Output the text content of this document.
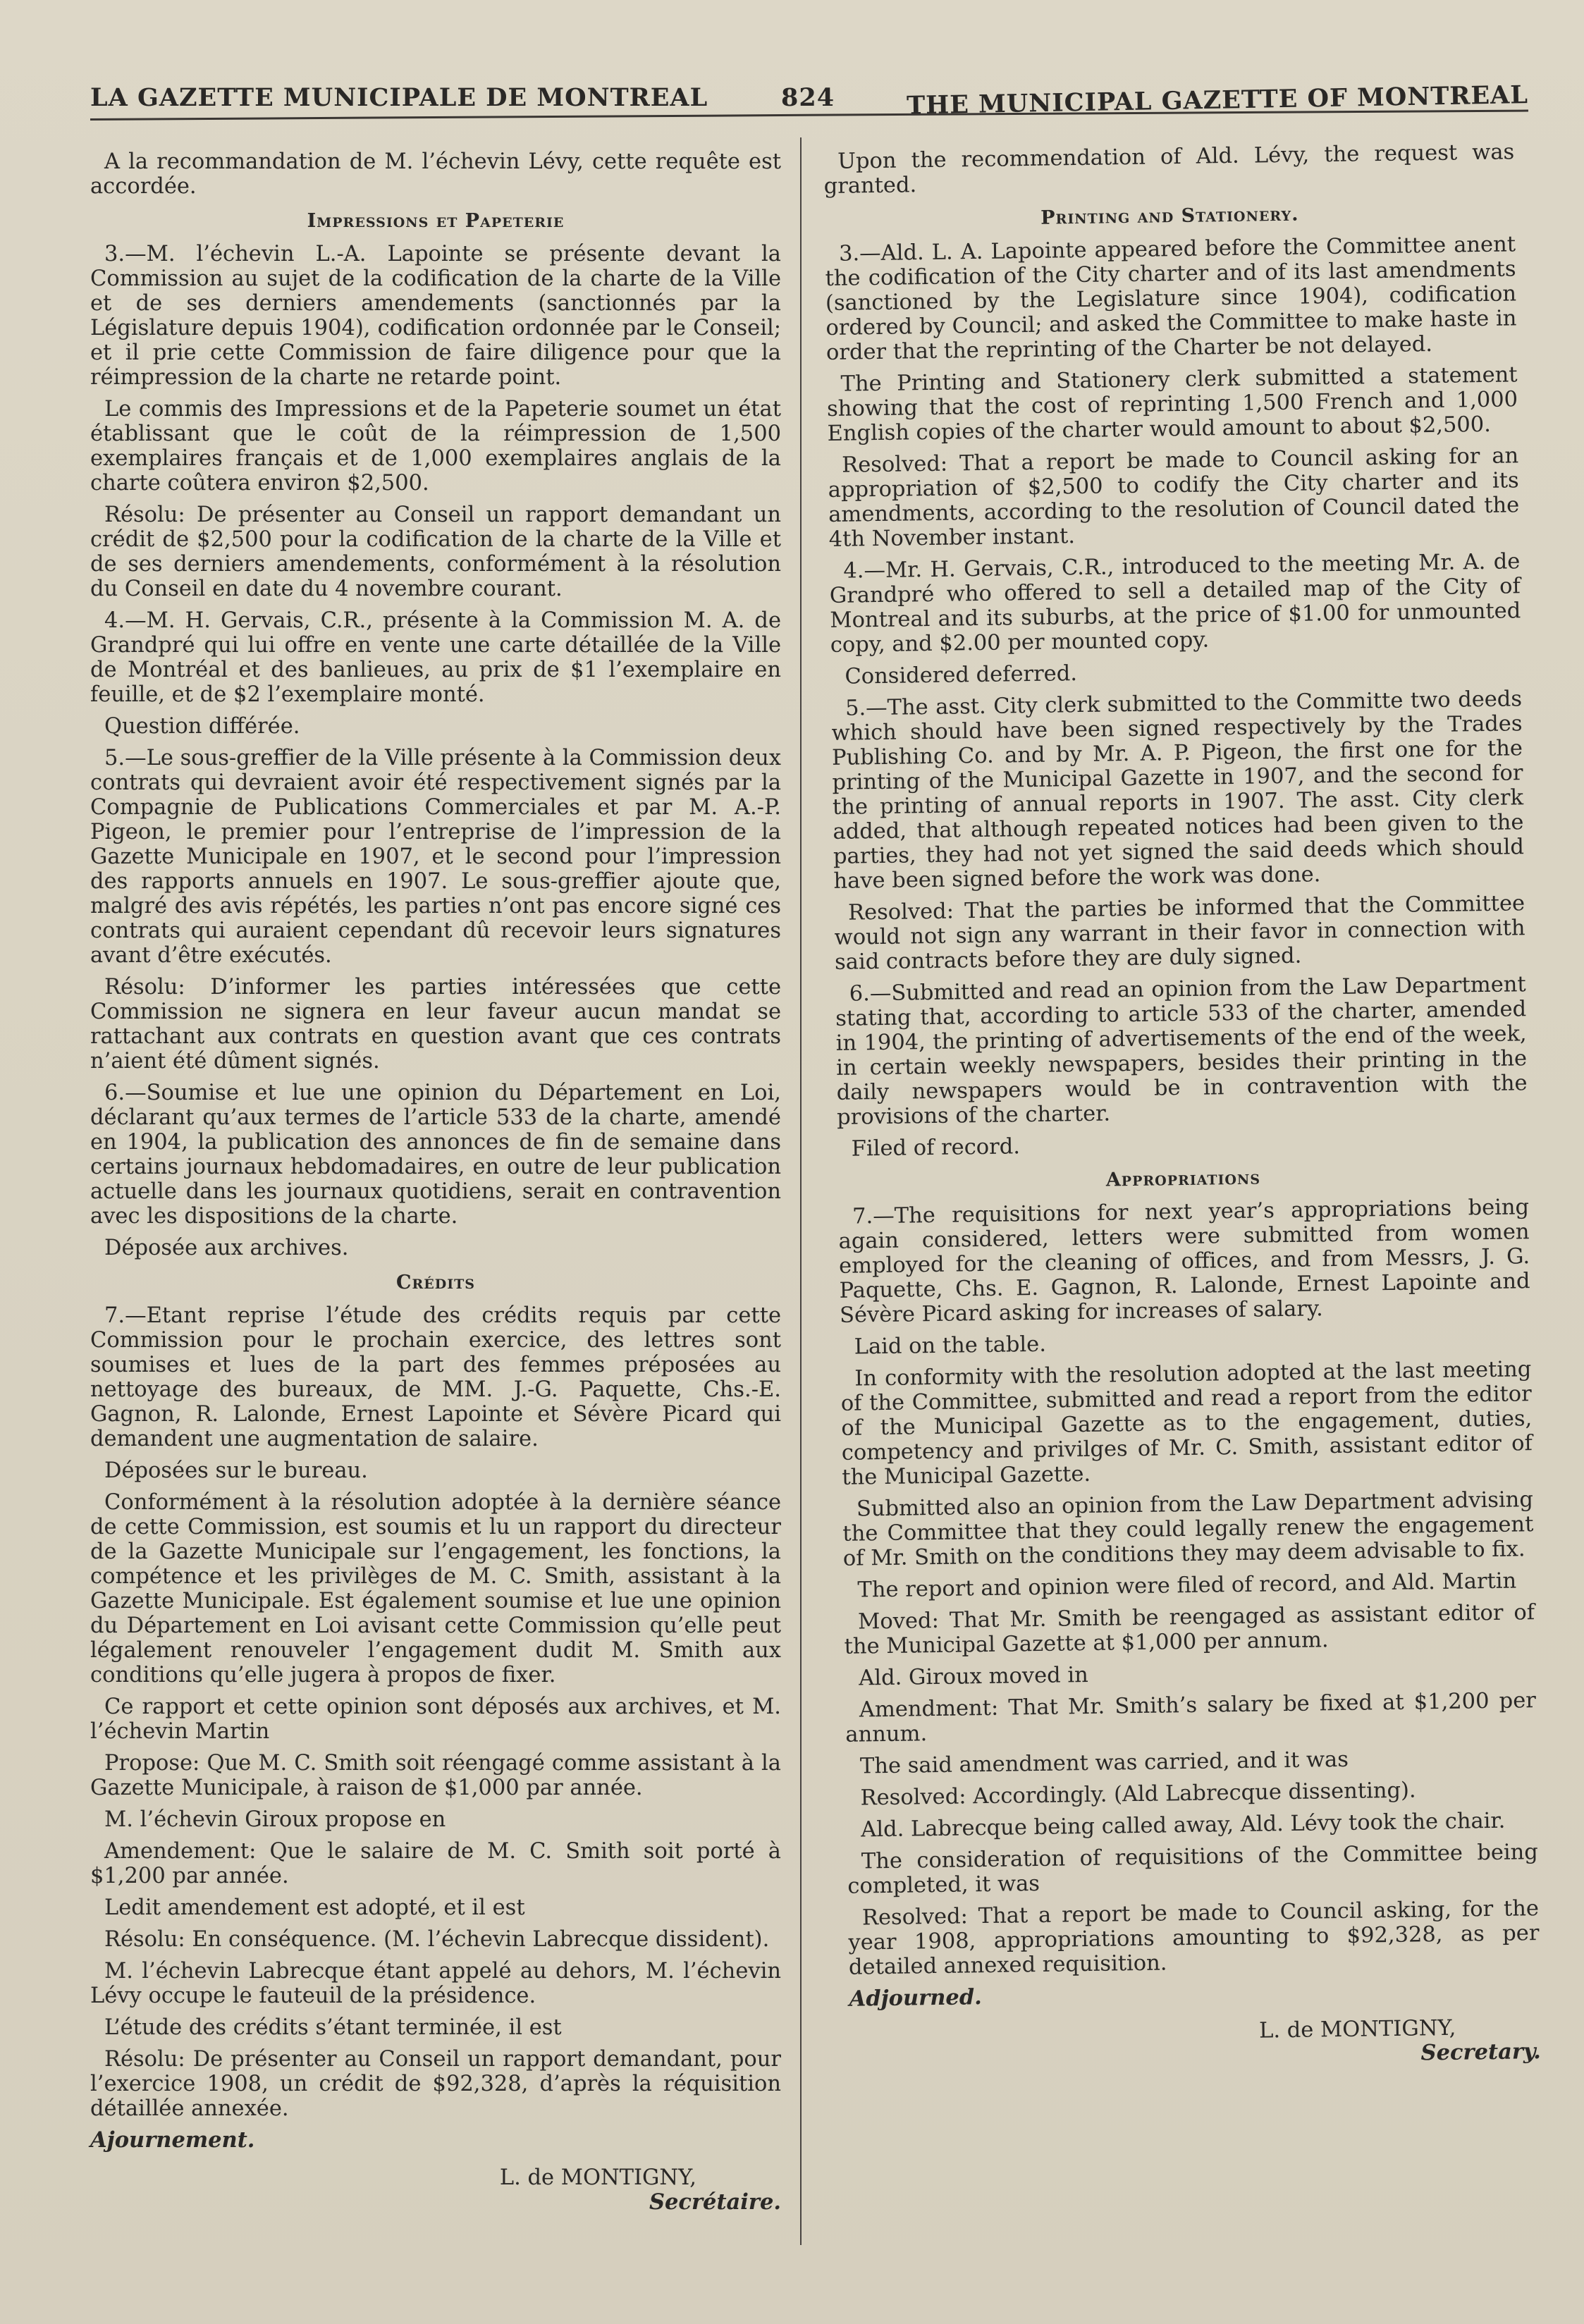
LA GAZETTE MUNICIPALE DE MONTREAL	824	THE MUNICIPAL GAZETTE OF MONTREAL

A la recommandation de M. l’échevin Lévy, cette requête est accordée.

Impressions et Papeterie

3.—M. l’échevin L.-A. Lapointe se présente devant la Commission au sujet de la codification de la charte de la Ville et de ses derniers amendements (sanctionnés par la Législature depuis 1904), codification ordonnée par le Conseil; et il prie cette Commission de faire diligence pour que la réimpression de la charte ne retarde point.

Le commis des Impressions et de la Papeterie soumet un état établissant que le coût de la réimpression de 1,500 exemplaires français et de 1,000 exemplaires anglais de la charte coûtera environ $2,500.

Résolu: De présenter au Conseil un rapport demandant un crédit de $2,500 pour la codification de la charte de la Ville et de ses derniers amendements, conformément à la résolution du Conseil en date du 4 novembre courant.

4.—M. H. Gervais, C.R., présente à la Commission M. A. de Grandpré qui lui offre en vente une carte détaillée de la Ville de Montréal et des banlieues, au prix de $1 l’exemplaire en feuille, et de $2 l’exemplaire monté.

Question différée.

5.—Le sous-greffier de la Ville présente à la Commission deux contrats qui devraient avoir été respectivement signés par la Compagnie de Publications Commerciales et par M. A.-P. Pigeon, le premier pour l’entreprise de l’impression de la Gazette Municipale en 1907, et le second pour l’impression des rapports annuels en 1907. Le sous-greffier ajoute que, malgré des avis répétés, les parties n’ont pas encore signé ces contrats qui auraient cependant dû recevoir leurs signatures avant d’être exécutés.

Résolu: D’informer les parties intéressées que cette Commission ne signera en leur faveur aucun mandat se rattachant aux contrats en question avant que ces contrats n’aient été dûment signés.

6.—Soumise et lue une opinion du Département en Loi, déclarant qu’aux termes de l’article 533 de la charte, amendé en 1904, la publication des annonces de fin de semaine dans certains journaux hebdomadaires, en outre de leur publication actuelle dans les journaux quotidiens, serait en contravention avec les dispositions de la charte.

Déposée aux archives.

Crédits

7.—Etant reprise l’étude des crédits requis par cette Commission pour le prochain exercice, des lettres sont soumises et lues de la part des femmes préposées au nettoyage des bureaux, de MM. J.-G. Paquette, Chs.-E. Gagnon, R. Lalonde, Ernest Lapointe et Sévère Picard qui demandent une augmentation de salaire.

Déposées sur le bureau.

Conformément à la résolution adoptée à la dernière séance de cette Commission, est soumis et lu un rapport du directeur de la Gazette Municipale sur l’engagement, les fonctions, la compétence et les privilèges de M. C. Smith, assistant à la Gazette Municipale. Est également soumise et lue une opinion du Département en Loi avisant cette Commission qu’elle peut légalement renouveler l’engagement dudit M. Smith aux conditions qu’elle jugera à propos de fixer.

Ce rapport et cette opinion sont déposés aux archives, et M. l’échevin Martin

Propose: Que M. C. Smith soit réengagé comme assistant à la Gazette Municipale, à raison de $1,000 par année.

M. l’échevin Giroux propose en

Amendement: Que le salaire de M. C. Smith soit porté à $1,200 par année.

Ledit amendement est adopté, et il est

Résolu: En conséquence. (M. l’échevin Labrecque dissident).

M. l’échevin Labrecque étant appelé au dehors, M. l’échevin Lévy occupe le fauteuil de la présidence.

L’étude des crédits s’étant terminée, il est

Résolu: De présenter au Conseil un rapport demandant, pour l’exercice 1908, un crédit de $92,328, d’après la réquisition détaillée annexée.

Ajournement.

L. de MONTIGNY,
Secrétaire.

Upon the recommendation of Ald. Lévy, the request was granted.

Printing and Stationery.

3.—Ald. L. A. Lapointe appeared before the Committee anent the codification of the City charter and of its last amendments (sanctioned by the Legislature since 1904), codification ordered by Council; and asked the Committee to make haste in order that the reprinting of the Charter be not delayed.

The Printing and Stationery clerk submitted a statement showing that the cost of reprinting 1,500 French and 1,000 English copies of the charter would amount to about $2,500.

Resolved: That a report be made to Council asking for an appropriation of $2,500 to codify the City charter and its amendments, according to the resolution of Council dated the 4th November instant.

4.—Mr. H. Gervais, C.R., introduced to the meeting Mr. A. de Grandpré who offered to sell a detailed map of the City of Montreal and its suburbs, at the price of $1.00 for unmounted copy, and $2.00 per mounted copy.

Considered deferred.

5.—The asst. City clerk submitted to the Committe two deeds which should have been signed respectively by the Trades Publishing Co. and by Mr. A. P. Pigeon, the first one for the printing of the Municipal Gazette in 1907, and the second for the printing of annual reports in 1907. The asst. City clerk added, that although repeated notices had been given to the parties, they had not yet signed the said deeds which should have been signed before the work was done.

Resolved: That the parties be informed that the Committee would not sign any warrant in their favor in connection with said contracts before they are duly signed.

6.—Submitted and read an opinion from the Law Department stating that, according to article 533 of the charter, amended in 1904, the printing of advertisements of the end of the week, in certain weekly newspapers, besides their printing in the daily newspapers would be in contravention with the provisions of the charter.

Filed of record.

Appropriations

7.—The requisitions for next year’s appropriations being again considered, letters were submitted from women employed for the cleaning of offices, and from Messrs, J. G. Paquette, Chs. E. Gagnon, R. Lalonde, Ernest Lapointe and Sévère Picard asking for increases of salary.

Laid on the table.

In conformity with the resolution adopted at the last meeting of the Committee, submitted and read a report from the editor of the Municipal Gazette as to the engagement, duties, competency and privilges of Mr. C. Smith, assistant editor of the Municipal Gazette.

Submitted also an opinion from the Law Department advising the Committee that they could legally renew the engagement of Mr. Smith on the conditions they may deem advisable to fix.

The report and opinion were filed of record, and Ald. Martin

Moved: That Mr. Smith be reengaged as assistant editor of the Municipal Gazette at $1,000 per annum.

Ald. Giroux moved in

Amendment: That Mr. Smith’s salary be fixed at $1,200 per annum.

The said amendment was carried, and it was

Resolved: Accordingly. (Ald Labrecque dissenting).

Ald. Labrecque being called away, Ald. Lévy took the chair.

The consideration of requisitions of the Committee being completed, it was

Resolved: That a report be made to Council asking, for the year 1908, appropriations amounting to $92,328, as per detailed annexed requisition.

Adjourned.

L. de MONTIGNY,
Secretary.
